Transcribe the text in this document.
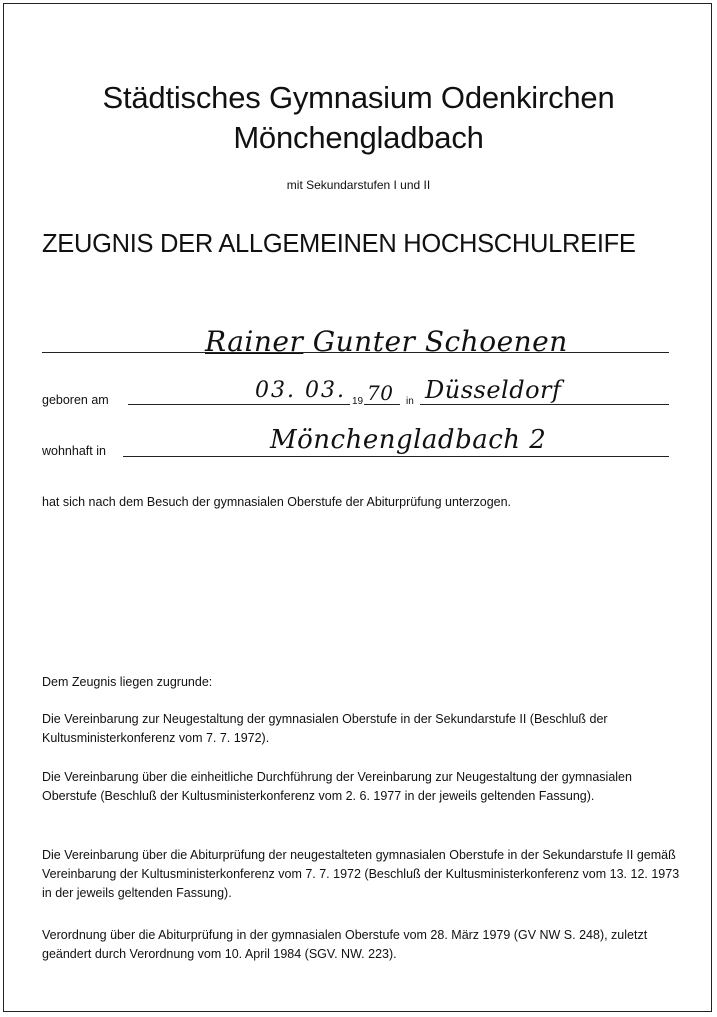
Städtisches Gymnasium Odenkirchen
Mönchengladbach
mit Sekundarstufen I und II
ZEUGNIS DER ALLGEMEINEN HOCHSCHULREIFE
Rainer Gunter Schoenen
geboren am	03. 03. 19 70 in Düsseldorf
wohnhaft in	Mönchengladbach 2
hat sich nach dem Besuch der gymnasialen Oberstufe der Abiturprüfung unterzogen.
Dem Zeugnis liegen zugrunde:
Die Vereinbarung zur Neugestaltung der gymnasialen Oberstufe in der Sekundarstufe II (Beschluß der Kultusministerkonferenz vom 7. 7. 1972).
Die Vereinbarung über die einheitliche Durchführung der Vereinbarung zur Neugestaltung der gymnasialen Oberstufe (Beschluß der Kultusministerkonferenz vom 2. 6. 1977 in der jeweils geltenden Fassung).
Die Vereinbarung über die Abiturprüfung der neugestalteten gymnasialen Oberstufe in der Sekundarstufe II gemäß Vereinbarung der Kultusministerkonferenz vom 7. 7. 1972 (Beschluß der Kultusministerkonferenz vom 13. 12. 1973 in der jeweils geltenden Fassung).
Verordnung über die Abiturprüfung in der gymnasialen Oberstufe vom 28. März 1979 (GV NW S. 248), zuletzt geändert durch Verordnung vom 10. April 1984 (SGV. NW. 223).
